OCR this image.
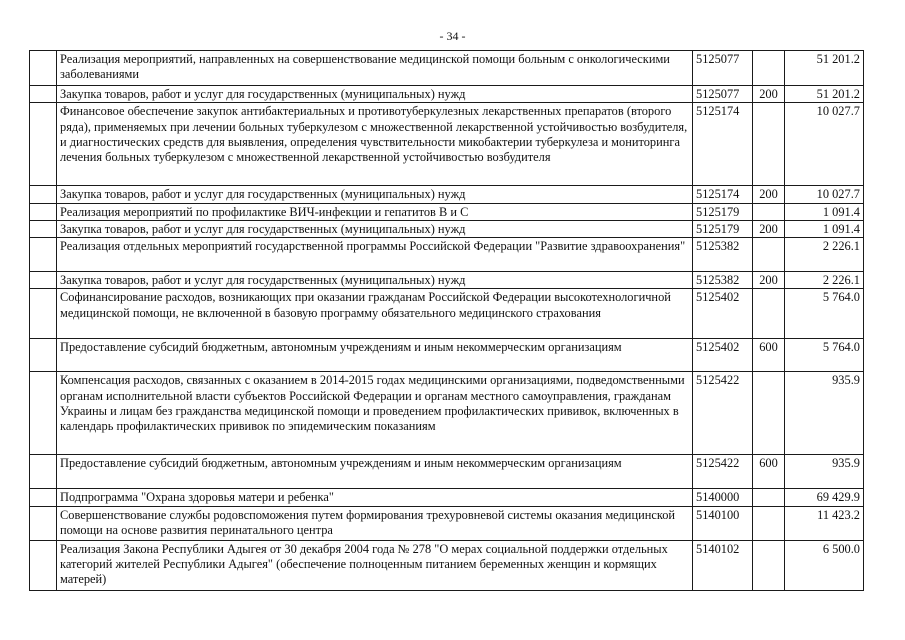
- 34 -
	Реализация мероприятий, направленных на совершенствование медицинской помощи больным с онкологическими заболеваниями	5125077		51 201.2
	Закупка товаров, работ и услуг для государственных (муниципальных) нужд	5125077	200	51 201.2
	Финансовое обеспечение закупок антибактериальных и противотуберкулезных лекарственных препаратов (второго ряда), применяемых при лечении больных туберкулезом с множественной лекарственной устойчивостью возбудителя, и диагностических средств для выявления, определения чувствительности микобактерии туберкулеза и мониторинга лечения больных туберкулезом с множественной лекарственной устойчивостью возбудителя	5125174		10 027.7
	Закупка товаров, работ и услуг для государственных (муниципальных) нужд	5125174	200	10 027.7
	Реализация мероприятий по профилактике ВИЧ-инфекции и гепатитов В и С	5125179		1 091.4
	Закупка товаров, работ и услуг для государственных (муниципальных) нужд	5125179	200	1 091.4
	Реализация отдельных мероприятий государственной программы Российской Федерации "Развитие здравоохранения"	5125382		2 226.1
	Закупка товаров, работ и услуг для государственных (муниципальных) нужд	5125382	200	2 226.1
	Софинансирование расходов, возникающих при оказании гражданам Российской Федерации высокотехнологичной медицинской помощи, не включенной в базовую программу обязательного медицинского страхования	5125402		5 764.0
	Предоставление субсидий бюджетным, автономным учреждениям и иным некоммерческим организациям	5125402	600	5 764.0
	Компенсация расходов, связанных с оказанием в 2014-2015 годах медицинскими организациями, подведомственными органам исполнительной власти субъектов Российской Федерации и органам местного самоуправления, гражданам Украины и лицам без гражданства медицинской помощи и проведением профилактических прививок, включенных в календарь профилактических прививок по эпидемическим показаниям	5125422		935.9
	Предоставление субсидий бюджетным, автономным учреждениям и иным некоммерческим организациям	5125422	600	935.9
	Подпрограмма "Охрана здоровья матери и ребенка"	5140000		69 429.9
	Совершенствование службы родовспоможения путем формирования трехуровневой системы оказания медицинской помощи на основе развития перинатального центра	5140100		11 423.2
	Реализация Закона Республики Адыгея от 30 декабря 2004 года № 278 "О мерах социальной поддержки отдельных категорий жителей Республики Адыгея" (обеспечение полноценным питанием беременных женщин и кормящих матерей)	5140102		6 500.0
